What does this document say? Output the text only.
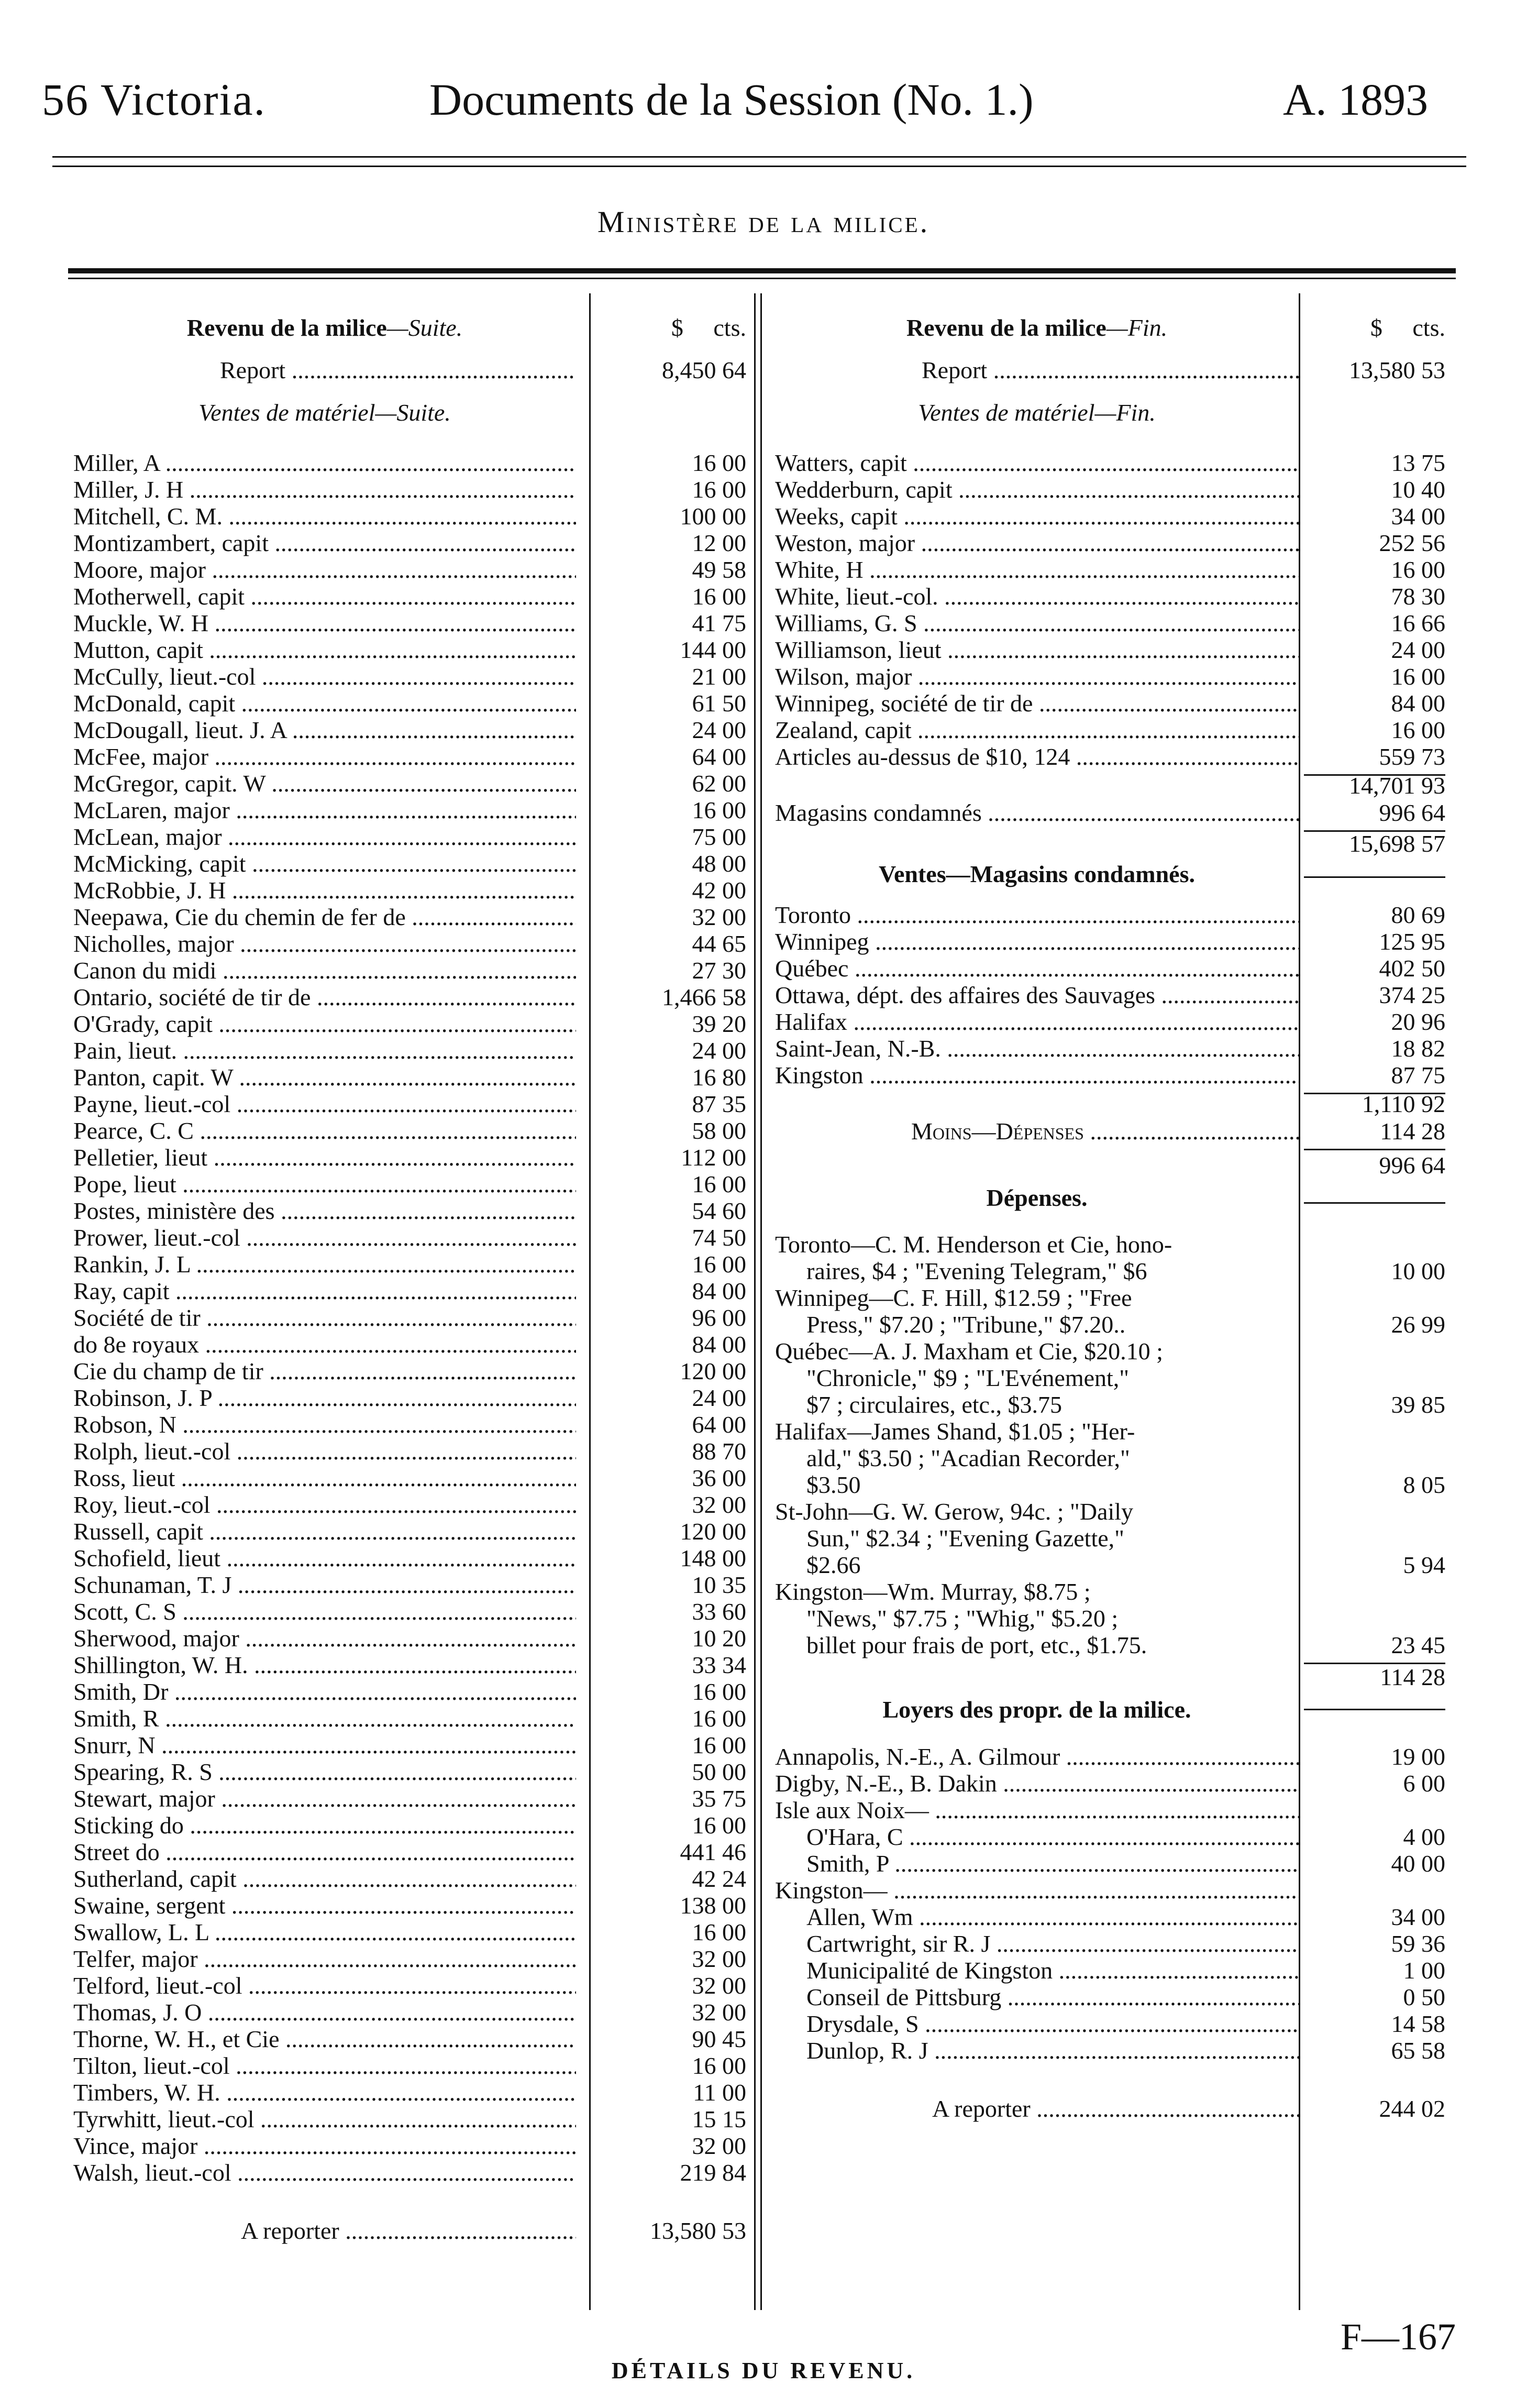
56 Victoria.	Documents de la Session (No. 1.)	A. 1893
Ministère de la milice.
Revenu de la milice—Suite.	$ cts.
Report .....	8,450 64
Ventes de matériel—Suite.
Miller, A .....	16 00
Miller, J. H .....	16 00
Mitchell, C. M. .....	100 00
Montizambert, capit .....	12 00
Moore, major .....	49 58
Motherwell, capit .....	16 00
Muckle, W. H .....	41 75
Mutton, capit .....	144 00
McCully, lieut.-col .....	21 00
McDonald, capit .....	61 50
McDougall, lieut. J. A .....	24 00
McFee, major .....	64 00
McGregor, capit. W .....	62 00
McLaren, major .....	16 00
McLean, major .....	75 00
McMicking, capit .....	48 00
McRobbie, J. H .....	42 00
Neepawa, Cie du chemin de fer de .....	32 00
Nicholles, major .....	44 65
Canon du midi .....	27 30
Ontario, société de tir de .....	1,466 58
O'Grady, capit .....	39 20
Pain, lieut. .....	24 00
Panton, capit. W .....	16 80
Payne, lieut.-col .....	87 35
Pearce, C. C .....	58 00
Pelletier, lieut .....	112 00
Pope, lieut .....	16 00
Postes, ministère des .....	54 60
Prower, lieut.-col .....	74 50
Rankin, J. L .....	16 00
Ray, capit .....	84 00
Société de tir .....	96 00
do 8e royaux .....	84 00
Cie du champ de tir .....	120 00
Robinson, J. P .....	24 00
Robson, N .....	64 00
Rolph, lieut.-col .....	88 70
Ross, lieut .....	36 00
Roy, lieut.-col .....	32 00
Russell, capit .....	120 00
Schofield, lieut .....	148 00
Schunaman, T. J .....	10 35
Scott, C. S .....	33 60
Sherwood, major .....	10 20
Shillington, W. H. .....	33 34
Smith, Dr .....	16 00
Smith, R .....	16 00
Snurr, N .....	16 00
Spearing, R. S .....	50 00
Stewart, major .....	35 75
Sticking do .....	16 00
Street do .....	441 46
Sutherland, capit .....	42 24
Swaine, sergent .....	138 00
Swallow, L. L .....	16 00
Telfer, major .....	32 00
Telford, lieut.-col .....	32 00
Thomas, J. O .....	32 00
Thorne, W. H., et Cie .....	90 45
Tilton, lieut.-col .....	16 00
Timbers, W. H. .....	11 00
Tyrwhitt, lieut.-col .....	15 15
Vince, major .....	32 00
Walsh, lieut.-col .....	219 84
A reporter .....	13,580 53
Revenu de la milice—Fin.	$ cts.
Report .....	13,580 53
Ventes de matériel—Fin.
Watters, capit .....	13 75
Wedderburn, capit .....	10 40
Weeks, capit .....	34 00
Weston, major .....	252 56
White, H .....	16 00
White, lieut.-col. .....	78 30
Williams, G. S .....	16 66
Williamson, lieut .....	24 00
Wilson, major .....	16 00
Winnipeg, société de tir de .....	84 00
Zealand, capit .....	16 00
Articles au-dessus de $10, 124 .....	559 73
14,701 93
Magasins condamnés .....	996 64
15,698 57
Ventes—Magasins condamnés.
Toronto .....	80 69
Winnipeg .....	125 95
Québec .....	402 50
Ottawa, dépt. des affaires des Sauvages .....	374 25
Halifax .....	20 96
Saint-Jean, N.-B. .....	18 82
Kingston .....	87 75
1,110 92
Moins—Dépenses .....	114 28
996 64
Dépenses.
Toronto—C. M. Henderson et Cie, hono-
raires, $4 ; "Evening Telegram," $6	10 00
Winnipeg—C. F. Hill, $12.59 ; "Free
Press," $7.20 ; "Tribune," $7.20..	26 99
Québec—A. J. Maxham et Cie, $20.10 ;
"Chronicle," $9 ; "L'Evénement,"
$7 ; circulaires, etc., $3.75	39 85
Halifax—James Shand, $1.05 ; "Her-
ald," $3.50 ; "Acadian Recorder,"
$3.50	8 05
St-John—G. W. Gerow, 94c. ; "Daily
Sun," $2.34 ; "Evening Gazette,"
$2.66	5 94
Kingston—Wm. Murray, $8.75 ;
"News," $7.75 ; "Whig," $5.20 ;
billet pour frais de port, etc., $1.75.	23 45
114 28
Loyers des propr. de la milice.
Annapolis, N.-E., A. Gilmour .....	19 00
Digby, N.-E., B. Dakin .....	6 00
Isle aux Noix— .....
O'Hara, C .....	4 00
Smith, P .....	40 00
Kingston— .....
Allen, Wm .....	34 00
Cartwright, sir R. J .....	59 36
Municipalité de Kingston .....	1 00
Conseil de Pittsburg .....	0 50
Drysdale, S .....	14 58
Dunlop, R. J .....	65 58
A reporter .....	244 02
F—167
DÉTAILS DU REVENU.
